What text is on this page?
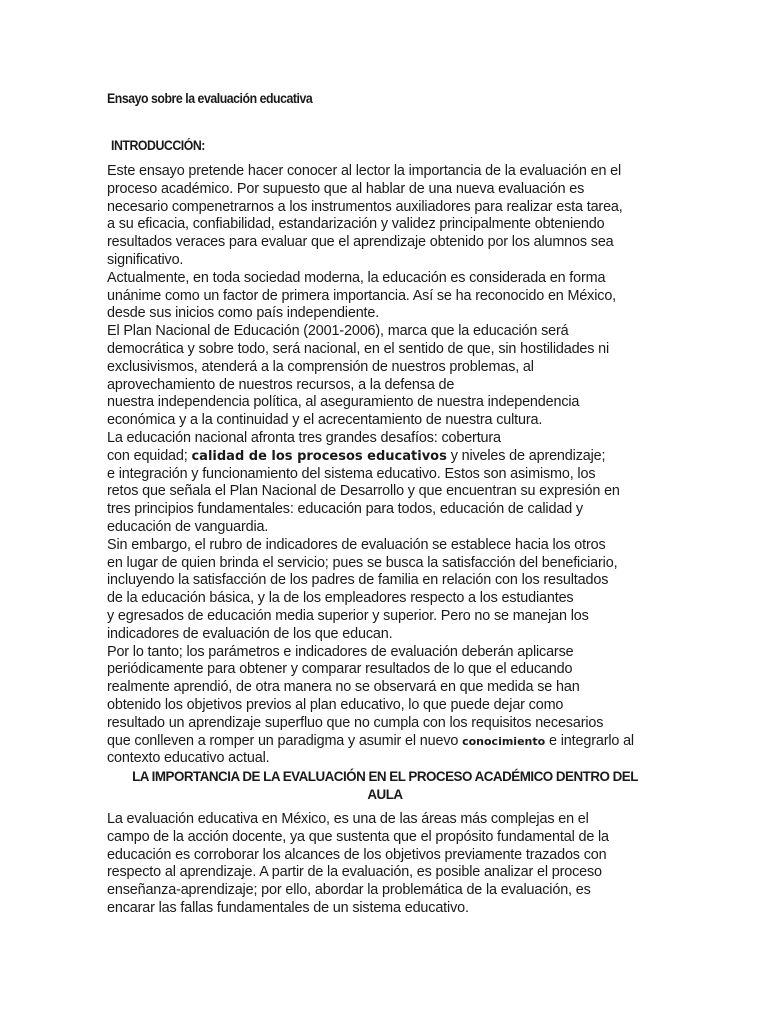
Ensayo sobre la evaluación educativa
INTRODUCCIÓN:
Este ensayo pretende hacer conocer al lector la importancia de la evaluación en el
proceso académico. Por supuesto que al hablar de una nueva evaluación es
necesario compenetrarnos a los instrumentos auxiliadores para realizar esta tarea,
a su eficacia, confiabilidad, estandarización y validez principalmente obteniendo
resultados veraces para evaluar que el aprendizaje obtenido por los alumnos sea
significativo.
Actualmente, en toda sociedad moderna, la educación es considerada en forma
unánime como un factor de primera importancia. Así se ha reconocido en México,
desde sus inicios como país independiente.
El Plan Nacional de Educación (2001-2006), marca que la educación será
democrática y sobre todo, será nacional, en el sentido de que, sin hostilidades ni
exclusivismos, atenderá a la comprensión de nuestros problemas, al
aprovechamiento de nuestros recursos, a la defensa de
nuestra independencia política, al aseguramiento de nuestra independencia
económica y a la continuidad y el acrecentamiento de nuestra cultura.
La educación nacional afronta tres grandes desafíos: cobertura
con equidad; calidad de los procesos educativos y niveles de aprendizaje;
e integración y funcionamiento del sistema educativo. Estos son asimismo, los
retos que señala el Plan Nacional de Desarrollo y que encuentran su expresión en
tres principios fundamentales: educación para todos, educación de calidad y
educación de vanguardia.
Sin embargo, el rubro de indicadores de evaluación se establece hacia los otros
en lugar de quien brinda el servicio; pues se busca la satisfacción del beneficiario,
incluyendo la satisfacción de los padres de familia en relación con los resultados
de la educación básica, y la de los empleadores respecto a los estudiantes
y egresados de educación media superior y superior. Pero no se manejan los
indicadores de evaluación de los que educan.
Por lo tanto; los parámetros e indicadores de evaluación deberán aplicarse
periódicamente para obtener y comparar resultados de lo que el educando
realmente aprendió, de otra manera no se observará en que medida se han
obtenido los objetivos previos al plan educativo, lo que puede dejar como
resultado un aprendizaje superfluo que no cumpla con los requisitos necesarios
que conlleven a romper un paradigma y asumir el nuevo conocimiento e integrarlo al
contexto educativo actual.
LA IMPORTANCIA DE LA EVALUACIÓN EN EL PROCESO ACADÉMICO DENTRO DEL
AULA
La evaluación educativa en México, es una de las áreas más complejas en el
campo de la acción docente, ya que sustenta que el propósito fundamental de la
educación es corroborar los alcances de los objetivos previamente trazados con
respecto al aprendizaje. A partir de la evaluación, es posible analizar el proceso
enseñanza-aprendizaje; por ello, abordar la problemática de la evaluación, es
encarar las fallas fundamentales de un sistema educativo.
